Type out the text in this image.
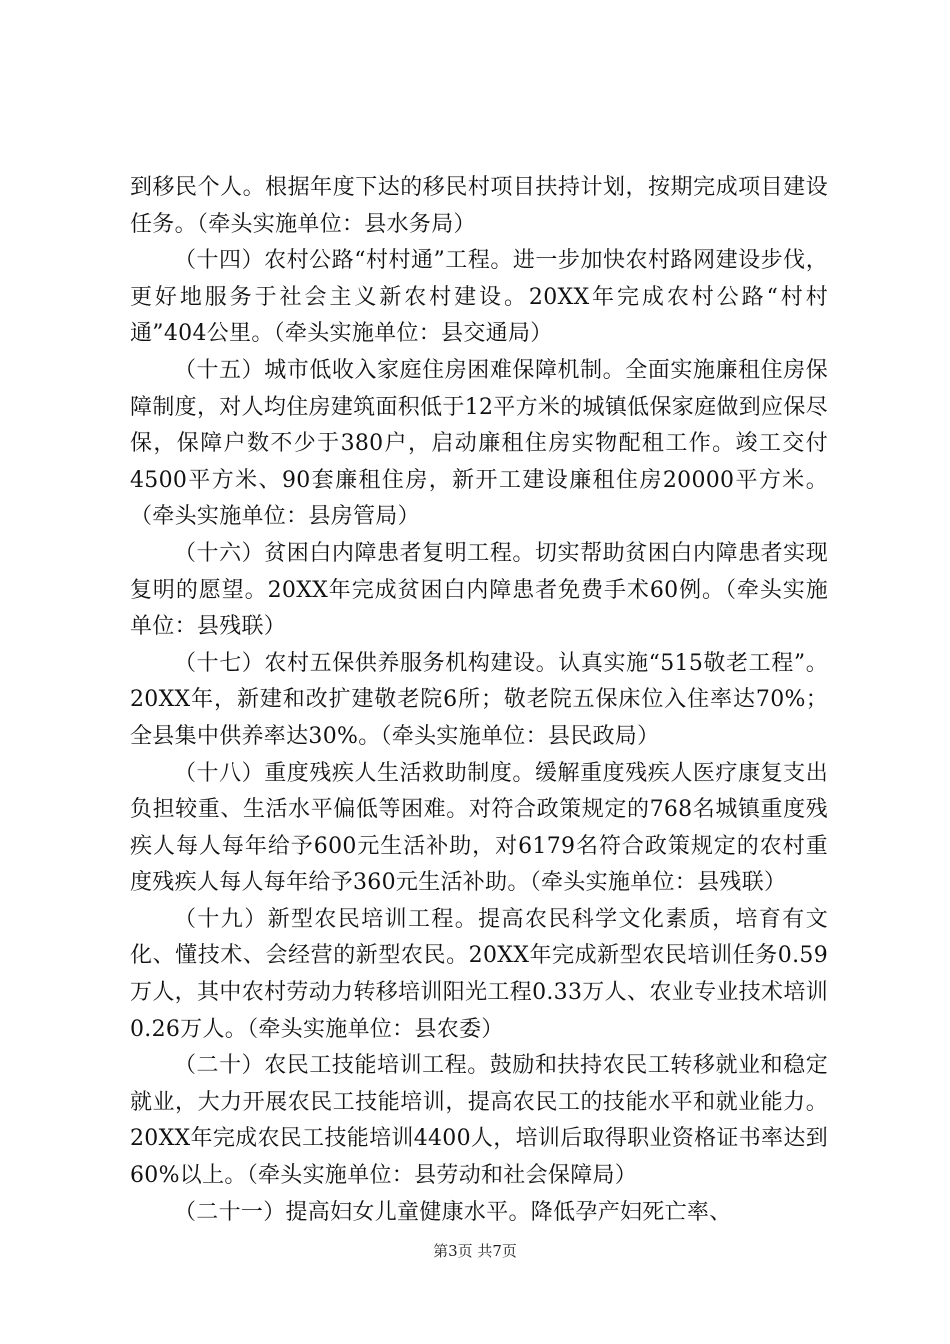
到移民个人。根据年度下达的移民村项目扶持计划，按期完成项目建设任务。（牵头实施单位：县水务局）

（十四）农村公路“村村通”工程。进一步加快农村路网建设步伐，更好地服务于社会主义新农村建设。20XX年完成农村公路“村村通”404公里。（牵头实施单位：县交通局）

（十五）城市低收入家庭住房困难保障机制。全面实施廉租住房保障制度，对人均住房建筑面积低于12平方米的城镇低保家庭做到应保尽保，保障户数不少于380户，启动廉租住房实物配租工作。竣工交付4500平方米、90套廉租住房，新开工建设廉租住房20000平方米。（牵头实施单位：县房管局）

（十六）贫困白内障患者复明工程。切实帮助贫困白内障患者实现复明的愿望。20XX年完成贫困白内障患者免费手术60例。（牵头实施单位：县残联）

（十七）农村五保供养服务机构建设。认真实施“515敬老工程”。20XX年，新建和改扩建敬老院6所；敬老院五保床位入住率达70%；全县集中供养率达30%。（牵头实施单位：县民政局）

（十八）重度残疾人生活救助制度。缓解重度残疾人医疗康复支出负担较重、生活水平偏低等困难。对符合政策规定的768名城镇重度残疾人每人每年给予600元生活补助，对6179名符合政策规定的农村重度残疾人每人每年给予360元生活补助。（牵头实施单位：县残联）

（十九）新型农民培训工程。提高农民科学文化素质，培育有文化、懂技术、会经营的新型农民。20XX年完成新型农民培训任务0.59万人，其中农村劳动力转移培训阳光工程0.33万人、农业专业技术培训0.26万人。（牵头实施单位：县农委）

（二十）农民工技能培训工程。鼓励和扶持农民工转移就业和稳定就业，大力开展农民工技能培训，提高农民工的技能水平和就业能力。20XX年完成农民工技能培训4400人，培训后取得职业资格证书率达到60%以上。（牵头实施单位：县劳动和社会保障局）

（二十一）提高妇女儿童健康水平。降低孕产妇死亡率、

第3页 共7页
